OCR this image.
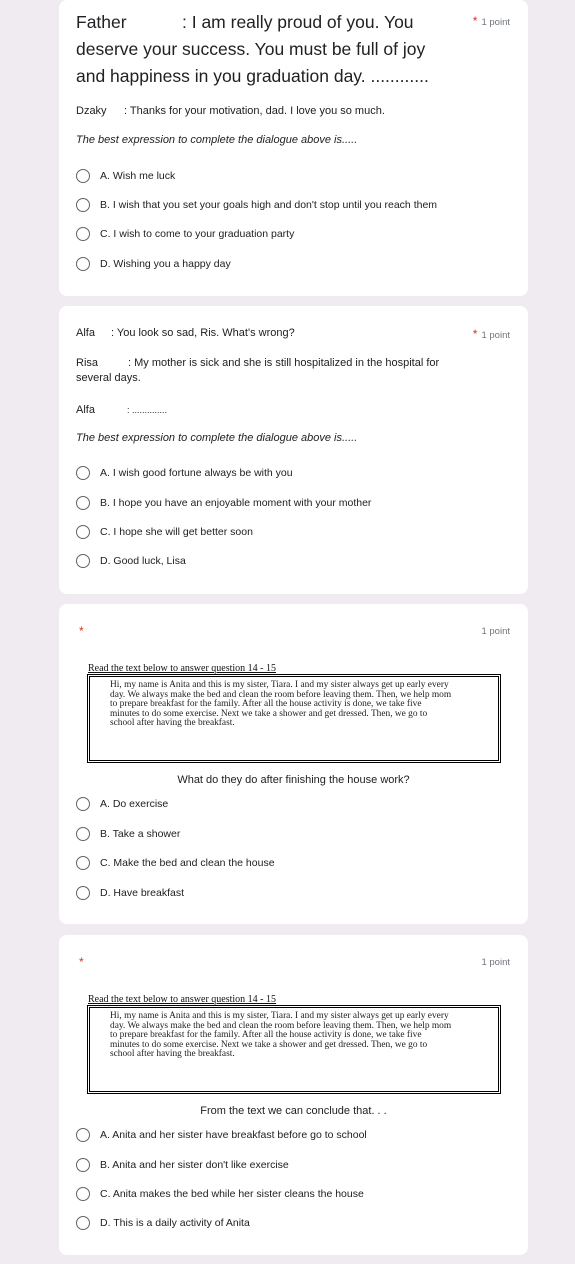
* 1 point
Father	: I am really proud of you. You
deserve your success. You must be full of joy
and happiness in you graduation day. ............
Dzaky : Thanks for your motivation, dad. I love you so much.
The best expression to complete the dialogue above is.....
A. Wish me luck
B. I wish that you set your goals high and don't stop until you reach them
C. I wish to come to your graduation party
D. Wishing you a happy day
* 1 point
Alfa : You look so sad, Ris. What's wrong?
Risa	: My mother is sick and she is still hospitalized in the hospital for
several days.
Alfa	: ..............
The best expression to complete the dialogue above is.....
A. I wish good fortune always be with you
B. I hope you have an enjoyable moment with your mother
C. I hope she will get better soon
D. Good luck, Lisa
*	1 point
Read the text below to answer question 14 - 15
Hi, my name is Anita and this is my sister, Tiara. I and my sister always get up early every
day. We always make the bed and clean the room before leaving them. Then, we help mom
to prepare breakfast for the family. After all the house activity is done, we take five
minutes to do some exercise. Next we take a shower and get dressed. Then, we go to
school after having the breakfast.
What do they do after finishing the house work?
A. Do exercise
B. Take a shower
C. Make the bed and clean the house
D. Have breakfast
*	1 point
Read the text below to answer question 14 - 15
Hi, my name is Anita and this is my sister, Tiara. I and my sister always get up early every
day. We always make the bed and clean the room before leaving them. Then, we help mom
to prepare breakfast for the family. After all the house activity is done, we take five
minutes to do some exercise. Next we take a shower and get dressed. Then, we go to
school after having the breakfast.
From the text we can conclude that. . .
A. Anita and her sister have breakfast before go to school
B. Anita and her sister don't like exercise
C. Anita makes the bed while her sister cleans the house
D. This is a daily activity of Anita
